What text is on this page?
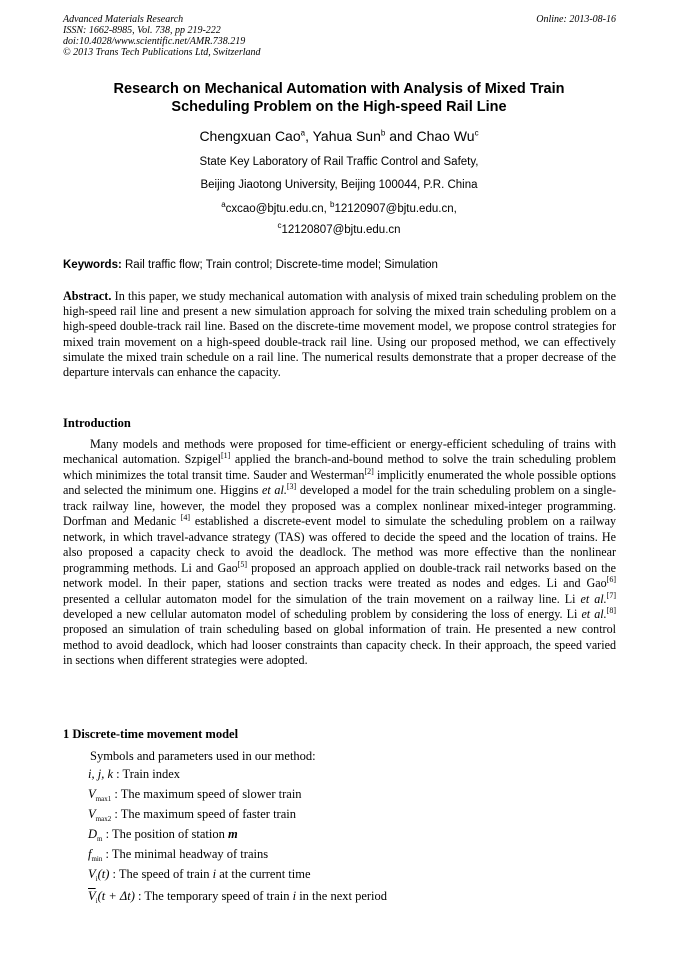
Advanced Materials Research
ISSN: 1662-8985, Vol. 738, pp 219-222
doi:10.4028/www.scientific.net/AMR.738.219
© 2013 Trans Tech Publications Ltd, Switzerland
Online: 2013-08-16
Research on Mechanical Automation with Analysis of Mixed Train
Scheduling Problem on the High-speed Rail Line
Chengxuan Cao$^a$, Yahua Sun$^b$ and Chao Wu$^c$
State Key Laboratory of Rail Traffic Control and Safety,
Beijing Jiaotong University, Beijing 100044, P.R. China
$^a$cxcao@bjtu.edu.cn, $^b$12120907@bjtu.edu.cn,
$^c$12120807@bjtu.edu.cn
Keywords: Rail traffic flow; Train control; Discrete-time model; Simulation
Abstract. In this paper, we study mechanical automation with analysis of mixed train scheduling problem on the high-speed rail line and present a new simulation approach for solving the mixed train scheduling problem on a high-speed double-track rail line. Based on the discrete-time movement model, we propose control strategies for mixed train movement on a high-speed double-track rail line. Using our proposed method, we can effectively simulate the mixed train schedule on a rail line. The numerical results demonstrate that a proper decrease of the departure intervals can enhance the capacity.
Introduction
Many models and methods were proposed for time-efficient or energy-efficient scheduling of trains with mechanical automation. Szpigel[1] applied the branch-and-bound method to solve the train scheduling problem which minimizes the total transit time. Sauder and Westerman[2] implicitly enumerated the whole possible options and selected the minimum one. Higgins et al.[3] developed a model for the train scheduling problem on a single-track railway line, however, the model they proposed was a complex nonlinear mixed-integer programming. Dorfman and Medanic [4] established a discrete-event model to simulate the scheduling problem on a railway network, in which travel-advance strategy (TAS) was offered to decide the speed and the location of trains. He also proposed a capacity check to avoid the deadlock. The method was more effective than the nonlinear programming methods. Li and Gao[5] proposed an approach applied on double-track rail networks based on the network model. In their paper, stations and section tracks were treated as nodes and edges. Li and Gao[6] presented a cellular automaton model for the simulation of the train movement on a railway line. Li et al.[7] developed a new cellular automaton model of scheduling problem by considering the loss of energy. Li et al.[8] proposed an simulation of train scheduling based on global information of train. He presented a new control method to avoid deadlock, which had looser constraints than capacity check. In their approach, the speed varied in sections when different strategies were adopted.
1 Discrete-time movement model
Symbols and parameters used in our method:
i, j, k : Train index
$V_{max1}$ : The maximum speed of slower train
$V_{max2}$ : The maximum speed of faster train
$D_m$ : The position of station m
$f_{min}$ : The minimal headway of trains
$V_i(t)$ : The speed of train i at the current time
$\overline{V}_i(t + \Delta t)$ : The temporary speed of train i in the next period
